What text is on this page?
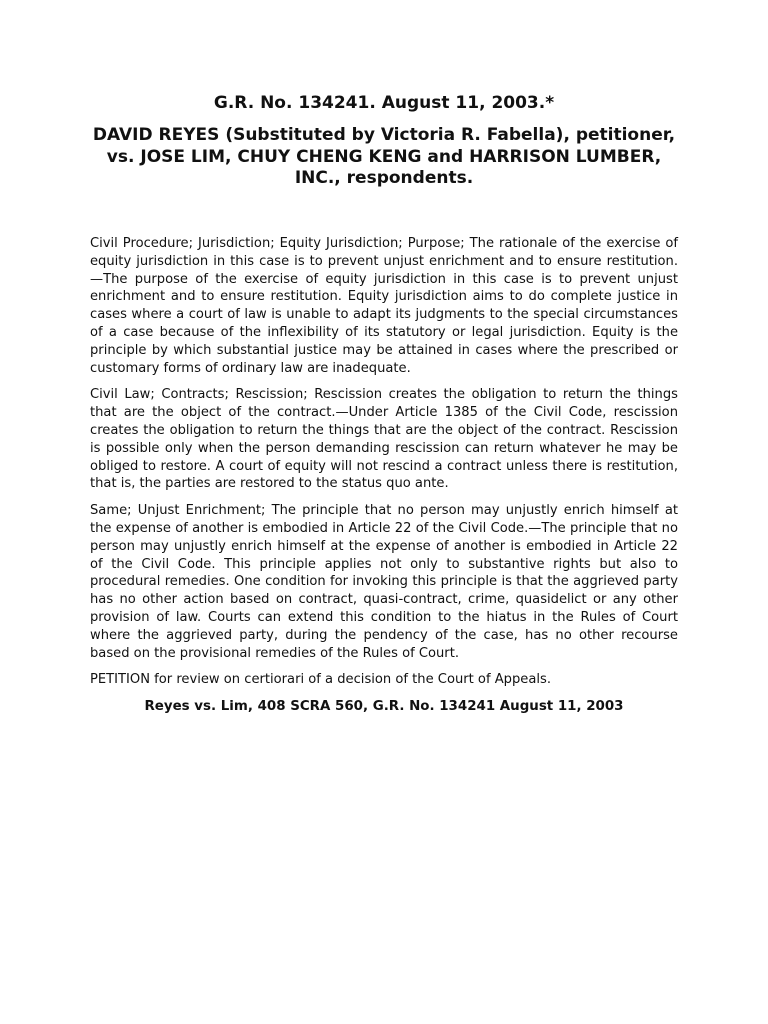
G.R. No. 134241. August 11, 2003.*
DAVID REYES (Substituted by Victoria R. Fabella), petitioner, vs. JOSE LIM, CHUY CHENG KENG and HARRISON LUMBER, INC., respondents.

Civil Procedure; Jurisdiction; Equity Jurisdiction; Purpose; The rationale of the exercise of equity jurisdiction in this case is to prevent unjust enrichment and to ensure restitution.—The purpose of the exercise of equity jurisdiction in this case is to prevent unjust enrichment and to ensure restitution. Equity jurisdiction aims to do complete justice in cases where a court of law is unable to adapt its judgments to the special circumstances of a case because of the inflexibility of its statutory or legal jurisdiction. Equity is the principle by which substantial justice may be attained in cases where the prescribed or customary forms of ordinary law are inadequate.

Civil Law; Contracts; Rescission; Rescission creates the obligation to return the things that are the object of the contract.—Under Article 1385 of the Civil Code, rescission creates the obligation to return the things that are the object of the contract. Rescission is possible only when the person demanding rescission can return whatever he may be obliged to restore. A court of equity will not rescind a contract unless there is restitution, that is, the parties are restored to the status quo ante.

Same; Unjust Enrichment; The principle that no person may unjustly enrich himself at the expense of another is embodied in Article 22 of the Civil Code.—The principle that no person may unjustly enrich himself at the expense of another is embodied in Article 22 of the Civil Code. This principle applies not only to substantive rights but also to procedural remedies. One condition for invoking this principle is that the aggrieved party has no other action based on contract, quasi-contract, crime, quasidelict or any other provision of law. Courts can extend this condition to the hiatus in the Rules of Court where the aggrieved party, during the pendency of the case, has no other recourse based on the provisional remedies of the Rules of Court.

PETITION for review on certiorari of a decision of the Court of Appeals.

Reyes vs. Lim, 408 SCRA 560, G.R. No. 134241 August 11, 2003
